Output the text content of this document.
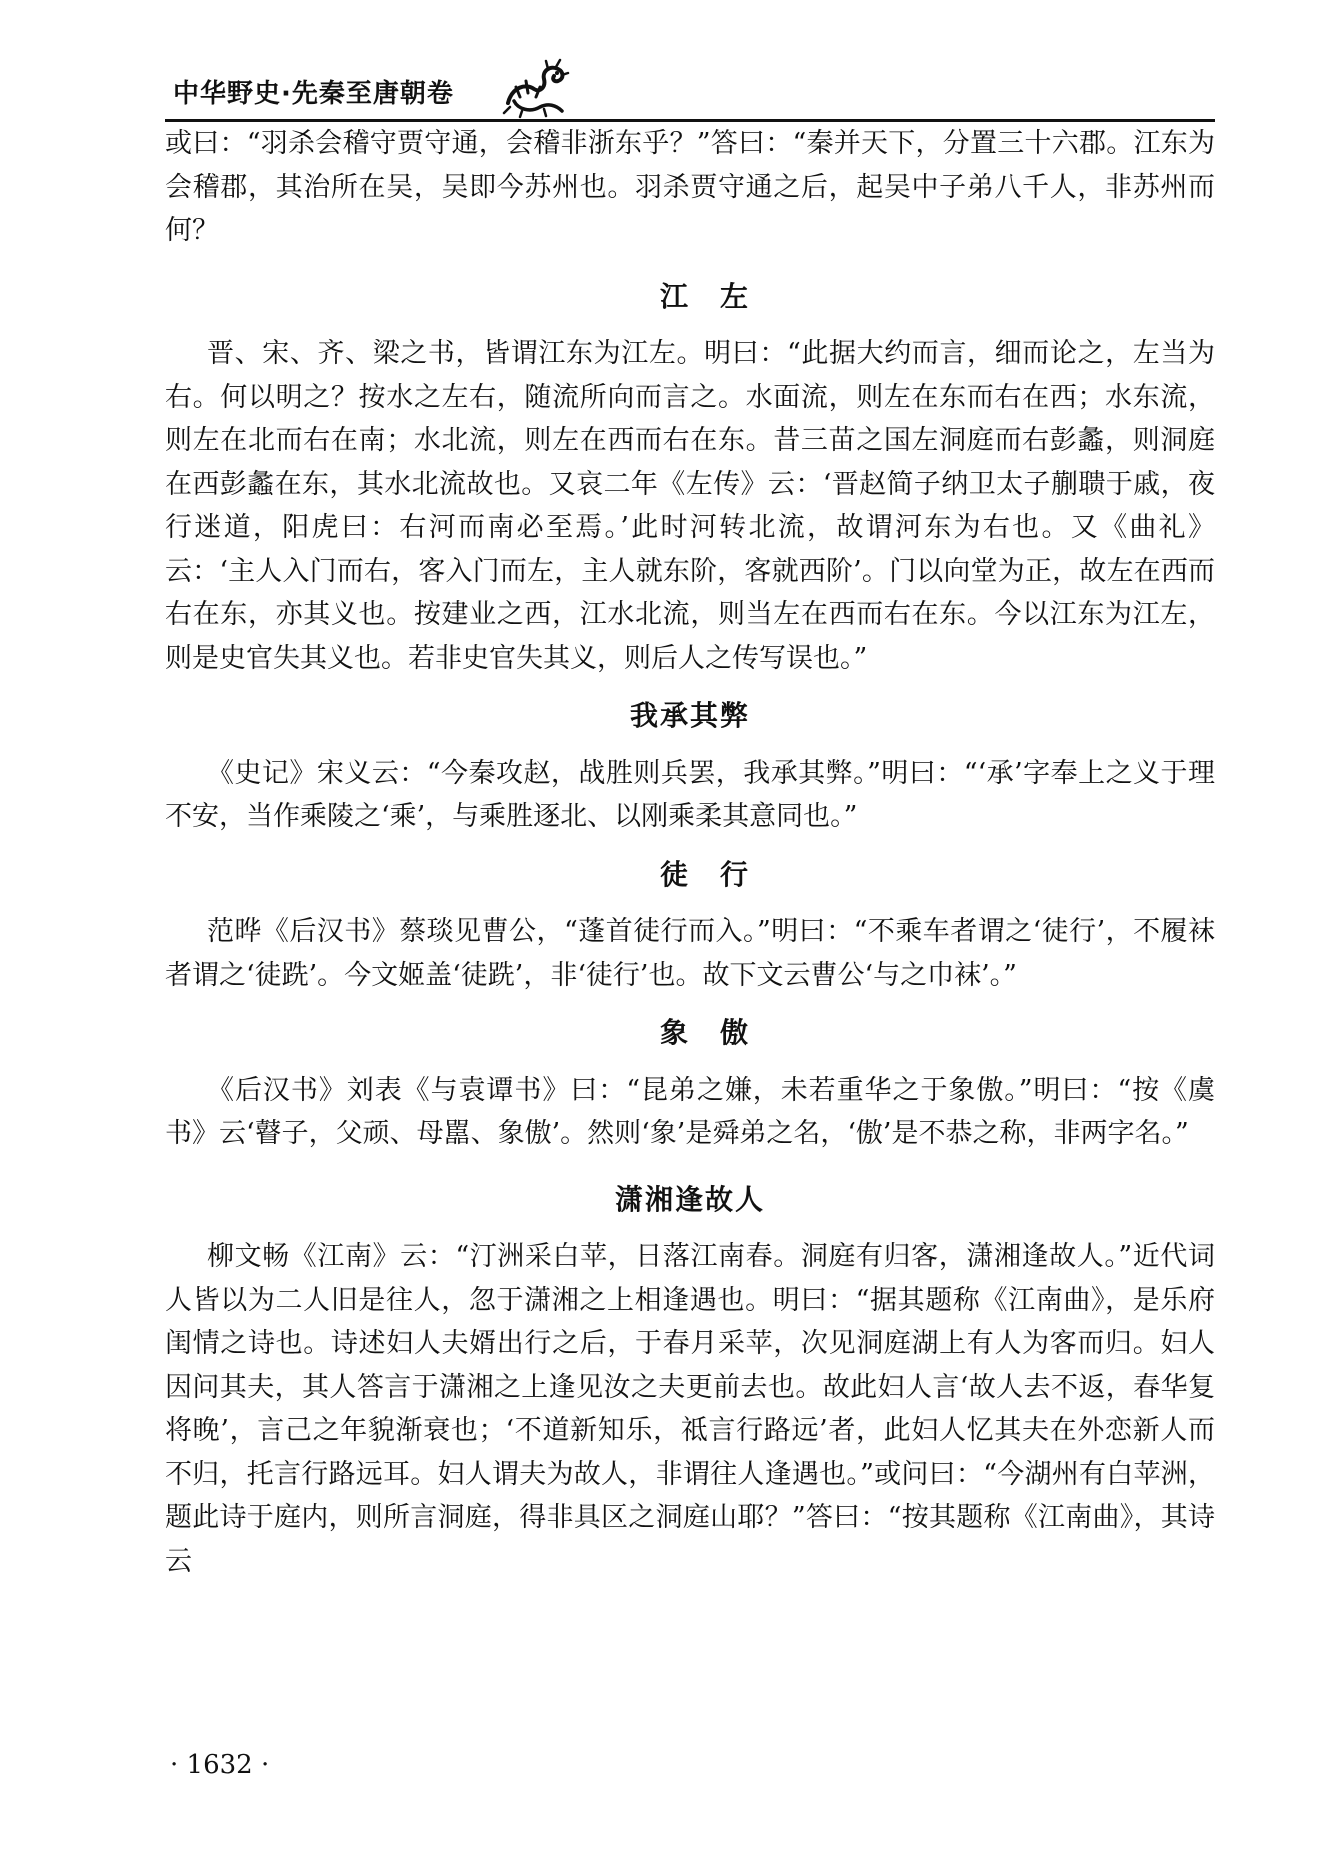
中华野史·先秦至唐朝卷

或曰：“羽杀会稽守贾守通，会稽非浙东乎？”答曰：“秦并天下，分置三十六郡。江东为会稽郡，其治所在吴，吴即今苏州也。羽杀贾守通之后，起吴中子弟八千人，非苏州而何？

江　左

晋、宋、齐、梁之书，皆谓江东为江左。明曰：“此据大约而言，细而论之，左当为右。何以明之？按水之左右，随流所向而言之。水面流，则左在东而右在西；水东流，则左在北而右在南；水北流，则左在西而右在东。昔三苗之国左洞庭而右彭蠡，则洞庭在西彭蠡在东，其水北流故也。又哀二年《左传》云：‘晋赵简子纳卫太子蒯聩于戚，夜行迷道，阳虎曰：右河而南必至焉。’此时河转北流，故谓河东为右也。又《曲礼》云：‘主人入门而右，客入门而左，主人就东阶，客就西阶’。门以向堂为正，故左在西而右在东，亦其义也。按建业之西，江水北流，则当左在西而右在东。今以江东为江左，则是史官失其义也。若非史官失其义，则后人之传写误也。”

我承其弊

《史记》宋义云：“今秦攻赵，战胜则兵罢，我承其弊。”明曰：“‘承’字奉上之义于理不安，当作乘陵之‘乘’，与乘胜逐北、以刚乘柔其意同也。”

徒　行

范晔《后汉书》蔡琰见曹公，“蓬首徒行而入。”明曰：“不乘车者谓之‘徒行’，不履袜者谓之‘徒跣’。今文姬盖‘徒跣’，非‘徒行’也。故下文云曹公‘与之巾袜’。”

象　傲

《后汉书》刘表《与袁谭书》曰：“昆弟之嫌，未若重华之于象傲。”明曰：“按《虞书》云‘瞽子，父顽、母嚚、象傲’。然则‘象’是舜弟之名，‘傲’是不恭之称，非两字名。”

潇湘逢故人

柳文畅《江南》云：“汀洲采白苹，日落江南春。洞庭有归客，潇湘逢故人。”近代词人皆以为二人旧是往人，忽于潇湘之上相逢遇也。明曰：“据其题称《江南曲》，是乐府闺情之诗也。诗述妇人夫婿出行之后，于春月采苹，次见洞庭湖上有人为客而归。妇人因问其夫，其人答言于潇湘之上逢见汝之夫更前去也。故此妇人言‘故人去不返，春华复将晚’，言己之年貌渐衰也；‘不道新知乐，祗言行路远’者，此妇人忆其夫在外恋新人而不归，托言行路远耳。妇人谓夫为故人，非谓往人逢遇也。”或问曰：“今湖州有白苹洲，题此诗于庭内，则所言洞庭，得非具区之洞庭山耶？”答曰：“按其题称《江南曲》，其诗云

· 1632 ·
